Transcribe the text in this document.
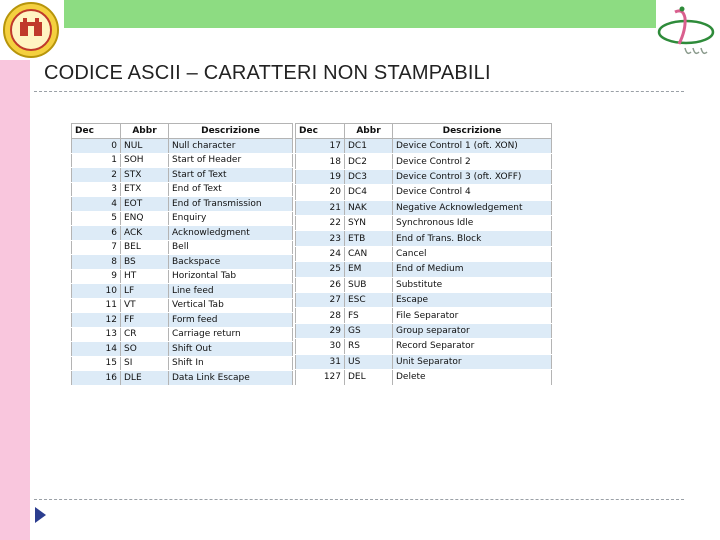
CODICE ASCII – CARATTERI NON STAMPABILI
Dec	Abbr	Descrizione
0	NUL	Null character
1	SOH	Start of Header
2	STX	Start of Text
3	ETX	End of Text
4	EOT	End of Transmission
5	ENQ	Enquiry
6	ACK	Acknowledgment
7	BEL	Bell
8	BS	Backspace
9	HT	Horizontal Tab
10	LF	Line feed
11	VT	Vertical Tab
12	FF	Form feed
13	CR	Carriage return
14	SO	Shift Out
15	SI	Shift In
16	DLE	Data Link Escape
Dec	Abbr	Descrizione
17	DC1	Device Control 1 (oft. XON)
18	DC2	Device Control 2
19	DC3	Device Control 3 (oft. XOFF)
20	DC4	Device Control 4
21	NAK	Negative Acknowledgement
22	SYN	Synchronous Idle
23	ETB	End of Trans. Block
24	CAN	Cancel
25	EM	End of Medium
26	SUB	Substitute
27	ESC	Escape
28	FS	File Separator
29	GS	Group separator
30	RS	Record Separator
31	US	Unit Separator
127	DEL	Delete
